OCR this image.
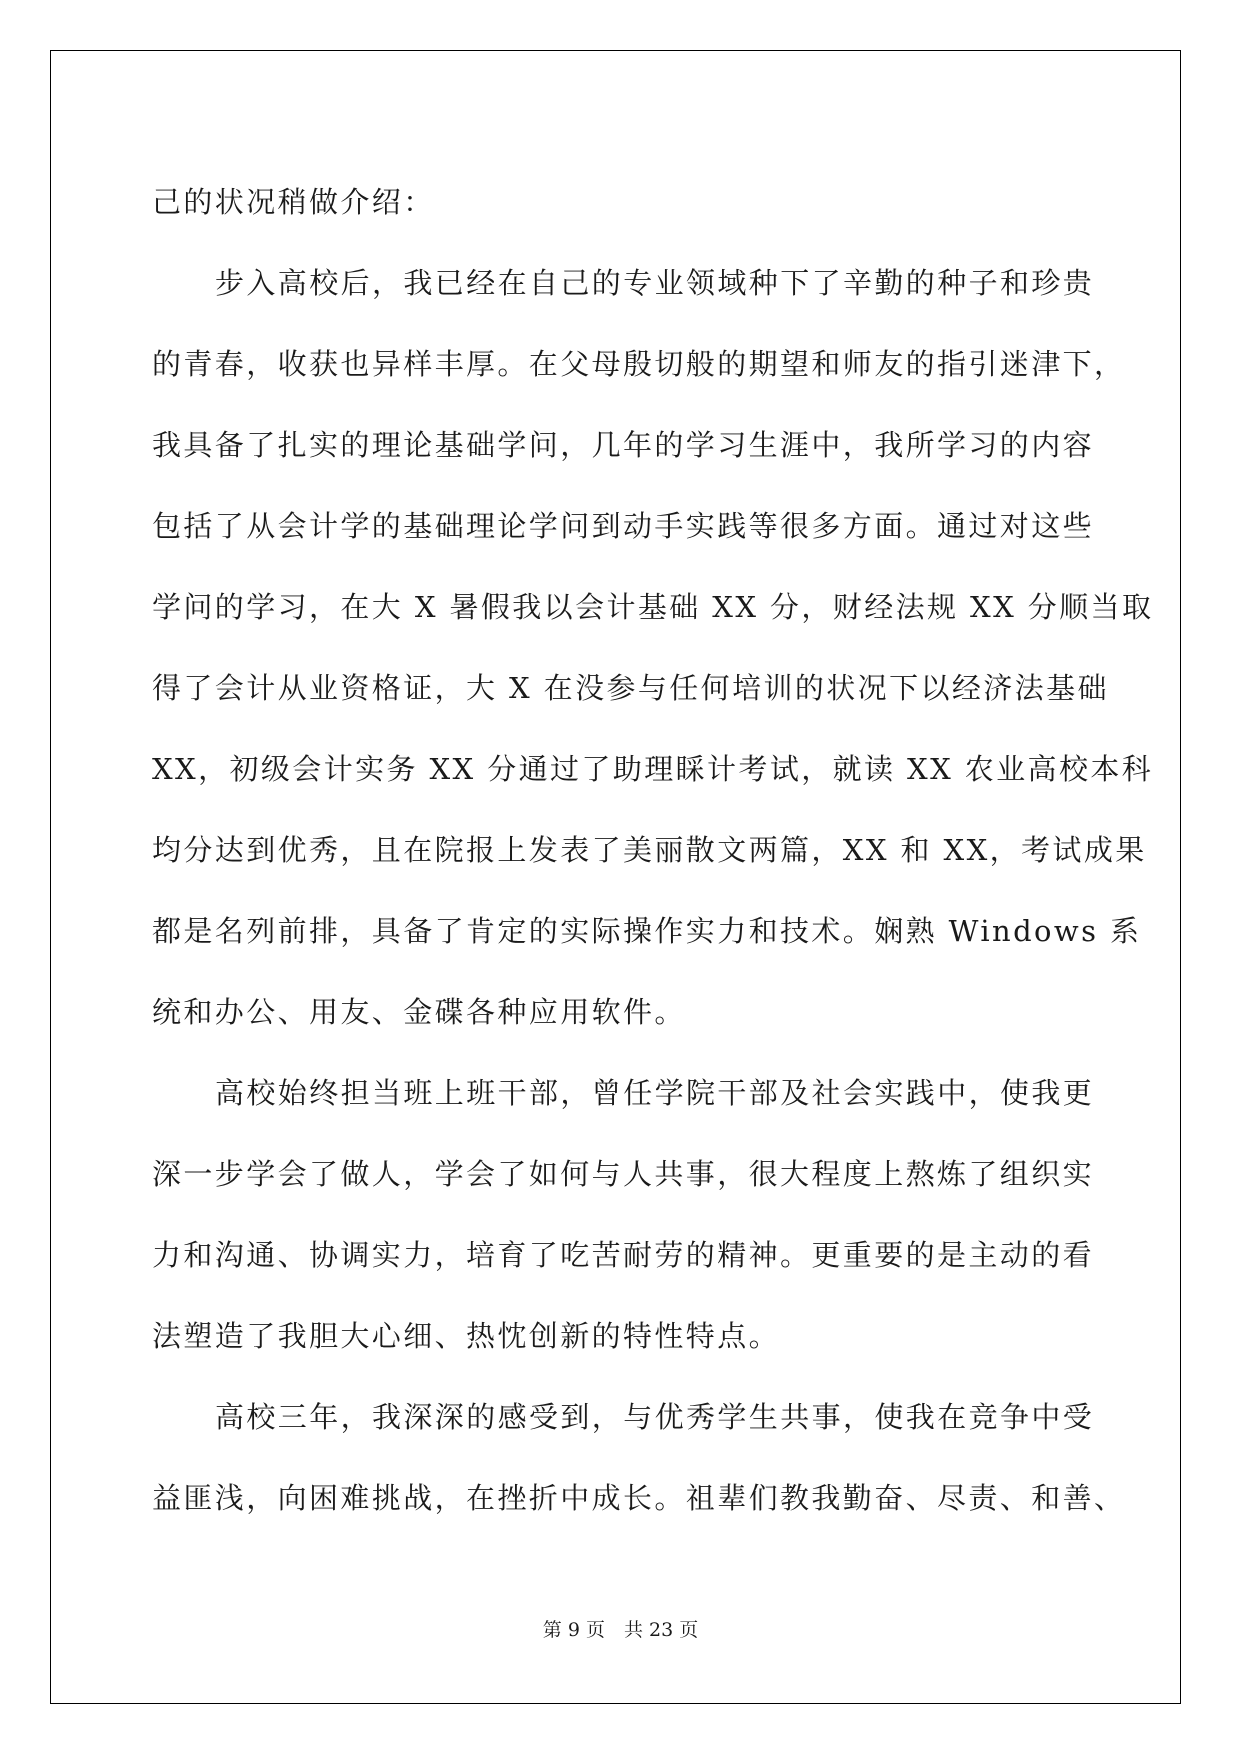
己的状况稍做介绍：
步入高校后，我已经在自己的专业领域种下了辛勤的种子和珍贵
的青春，收获也异样丰厚。在父母殷切般的期望和师友的指引迷津下，
我具备了扎实的理论基础学问，几年的学习生涯中，我所学习的内容
包括了从会计学的基础理论学问到动手实践等很多方面。通过对这些
学问的学习，在大 X 暑假我以会计基础 XX 分，财经法规 XX 分顺当取
得了会计从业资格证，大 X 在没参与任何培训的状况下以经济法基础
XX，初级会计实务 XX 分通过了助理睬计考试，就读 XX 农业高校本科
均分达到优秀，且在院报上发表了美丽散文两篇，XX 和 XX，考试成果
都是名列前排，具备了肯定的实际操作实力和技术。娴熟 Windows 系
统和办公、用友、金碟各种应用软件。
高校始终担当班上班干部，曾任学院干部及社会实践中，使我更
深一步学会了做人，学会了如何与人共事，很大程度上熬炼了组织实
力和沟通、协调实力，培育了吃苦耐劳的精神。更重要的是主动的看
法塑造了我胆大心细、热忱创新的特性特点。
高校三年，我深深的感受到，与优秀学生共事，使我在竞争中受
益匪浅，向困难挑战，在挫折中成长。祖辈们教我勤奋、尽责、和善、
第 9 页　共 23 页
